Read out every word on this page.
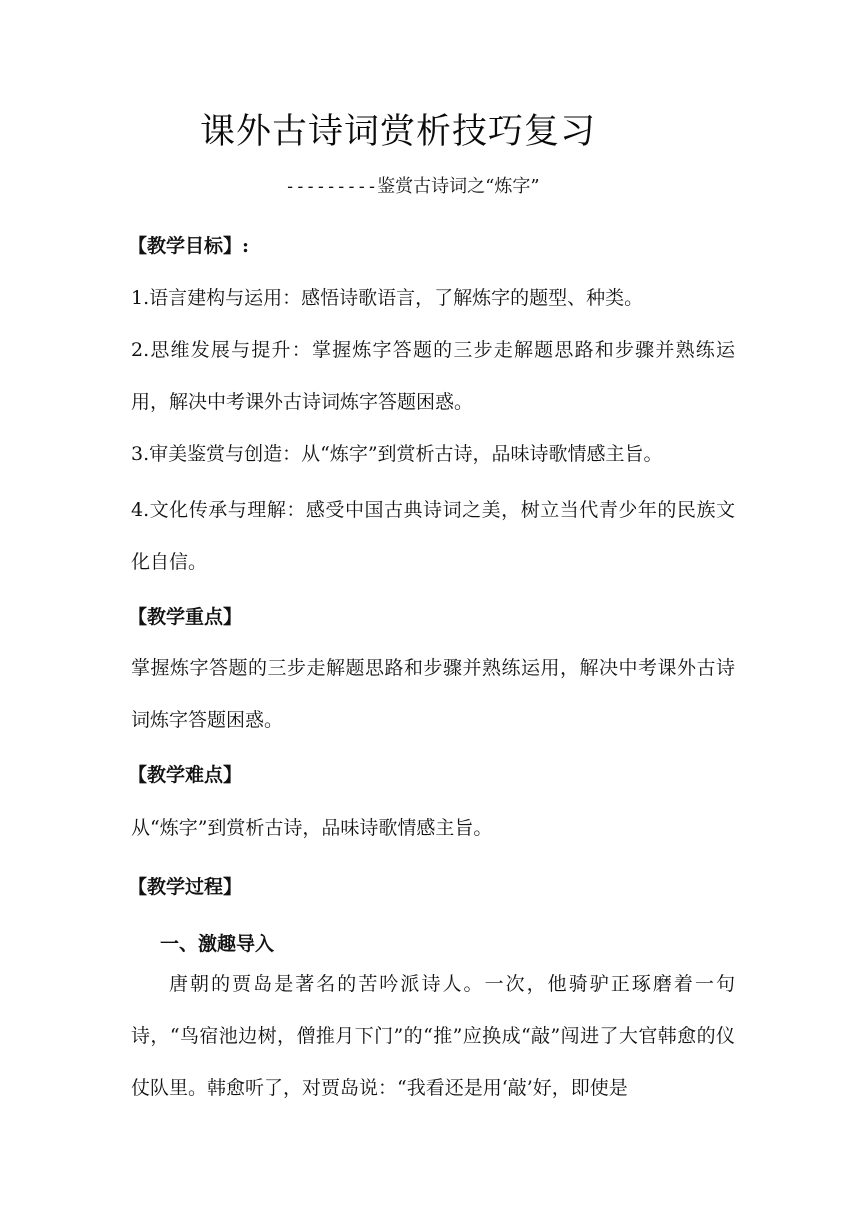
课外古诗词赏析技巧复习
---------鉴赏古诗词之“炼字”
【教学目标】:

1.语言建构与运用：感悟诗歌语言，了解炼字的题型、种类。

2.思维发展与提升：掌握炼字答题的三步走解题思路和步骤并熟练运用，解决中考课外古诗词炼字答题困惑。

3.审美鉴赏与创造：从“炼字”到赏析古诗，品味诗歌情感主旨。

4.文化传承与理解：感受中国古典诗词之美，树立当代青少年的民族文化自信。

【教学重点】

掌握炼字答题的三步走解题思路和步骤并熟练运用，解决中考课外古诗词炼字答题困惑。

【教学难点】

从“炼字”到赏析古诗，品味诗歌情感主旨。

【教学过程】
一、激趣导入

唐朝的贾岛是著名的苦吟派诗人。一次，他骑驴正琢磨着一句诗，“鸟宿池边树，僧推月下门”的“推”应换成“敲”闯进了大官韩愈的仪仗队里。韩愈听了，对贾岛说：“我看还是用‘敲’好，即使是
